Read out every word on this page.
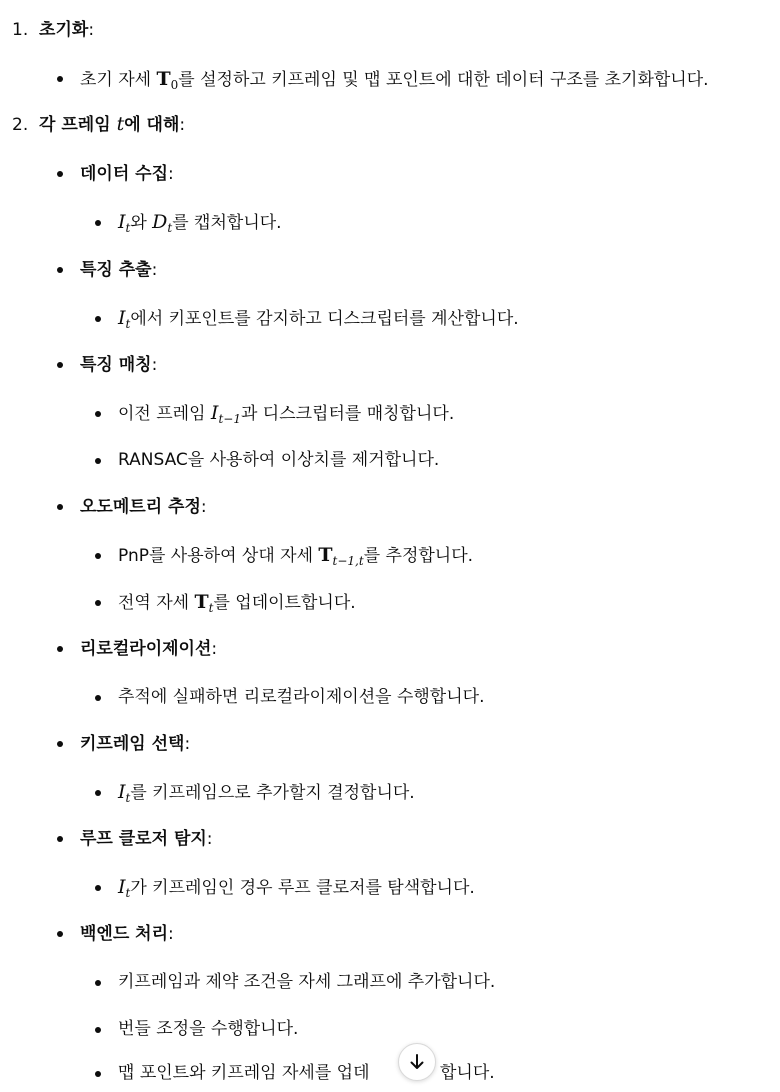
1. 초기화:
초기 자세 $T_0$를 설정하고 키프레임 및 맵 포인트에 대한 데이터 구조를 초기화합니다.
2. 각 프레임 t에 대해:
데이터 수집:
$I_t$와 $D_t$를 캡처합니다.
특징 추출:
$I_t$에서 키포인트를 감지하고 디스크립터를 계산합니다.
특징 매칭:
이전 프레임 $I_{t-1}$과 디스크립터를 매칭합니다.
RANSAC을 사용하여 이상치를 제거합니다.
오도메트리 추정:
PnP를 사용하여 상대 자세 $T_{t-1,t}$를 추정합니다.
전역 자세 $T_t$를 업데이트합니다.
리로컬라이제이션:
추적에 실패하면 리로컬라이제이션을 수행합니다.
키프레임 선택:
$I_t$를 키프레임으로 추가할지 결정합니다.
루프 클로저 탐지:
$I_t$가 키프레임인 경우 루프 클로저를 탐색합니다.
백엔드 처리:
키프레임과 제약 조건을 자세 그래프에 추가합니다.
번들 조정을 수행합니다.
맵 포인트와 키프레임 자세를 업데	합니다.
